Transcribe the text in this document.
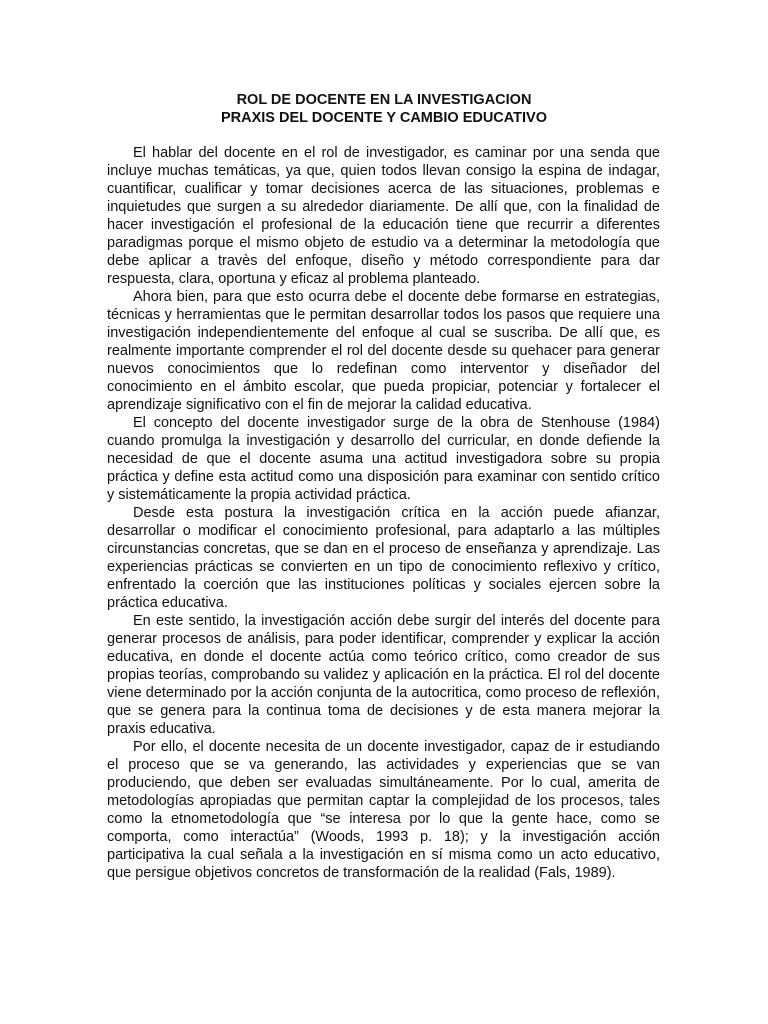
ROL DE DOCENTE EN LA INVESTIGACION
PRAXIS DEL DOCENTE Y CAMBIO EDUCATIVO

El hablar del docente en el rol de investigador, es caminar por una senda que incluye muchas temáticas, ya que, quien todos llevan consigo la espina de indagar, cuantificar, cualificar y tomar decisiones acerca de las situaciones, problemas e inquietudes que surgen a su alrededor diariamente. De allí que, con la finalidad de hacer investigación el profesional de la educación tiene que recurrir a diferentes paradigmas porque el mismo objeto de estudio va a determinar la metodología que debe aplicar a travès del enfoque, diseño y método correspondiente para dar respuesta, clara, oportuna y eficaz al problema planteado.

Ahora bien, para que esto ocurra debe el docente debe formarse en estrategias, técnicas y herramientas que le permitan desarrollar todos los pasos que requiere una investigación independientemente del enfoque al cual se suscriba. De allí que, es realmente importante comprender el rol del docente desde su quehacer para generar nuevos conocimientos que lo redefinan como interventor y diseñador del conocimiento en el ámbito escolar, que pueda propiciar, potenciar y fortalecer el aprendizaje significativo con el fin de mejorar la calidad educativa.

El concepto del docente investigador surge de la obra de Stenhouse (1984) cuando promulga la investigación y desarrollo del curricular, en donde defiende la necesidad de que el docente asuma una actitud investigadora sobre su propia práctica y define esta actitud como una disposición para examinar con sentido crítico y sistemáticamente la propia actividad práctica.

Desde esta postura la investigación crítica en la acción puede afianzar, desarrollar o modificar el conocimiento profesional, para adaptarlo a las múltiples circunstancias concretas, que se dan en el proceso de enseñanza y aprendizaje. Las experiencias prácticas se convierten en un tipo de conocimiento reflexivo y crítico, enfrentado la coerción que las instituciones políticas y sociales ejercen sobre la práctica educativa.

En este sentido, la investigación acción debe surgir del interés del docente para generar procesos de análisis, para poder identificar, comprender y explicar la acción educativa, en donde el docente actúa como teórico crítico, como creador de sus propias teorías, comprobando su validez y aplicación en la práctica. El rol del docente viene determinado por la acción conjunta de la autocritica, como proceso de reflexión, que se genera para la continua toma de decisiones y de esta manera mejorar la praxis educativa.

Por ello, el docente necesita de un docente investigador, capaz de ir estudiando el proceso que se va generando, las actividades y experiencias que se van produciendo, que deben ser evaluadas simultáneamente. Por lo cual, amerita de metodologías apropiadas que permitan captar la complejidad de los procesos, tales como la etnometodología que “se interesa por lo que la gente hace, como se comporta, como interactúa” (Woods, 1993 p. 18); y la investigación acción participativa la cual señala a la investigación en sí misma como un acto educativo, que persigue objetivos concretos de transformación de la realidad (Fals, 1989).
